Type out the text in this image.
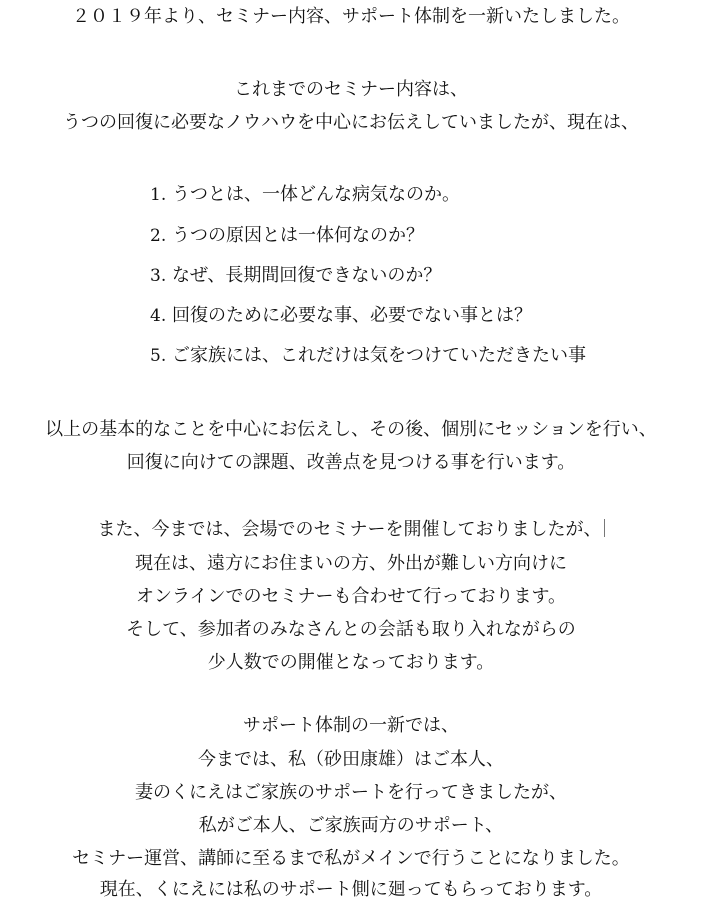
２０１９年より、セミナー内容、サポート体制を一新いたしました。
これまでのセミナー内容は、
うつの回復に必要なノウハウを中心にお伝えしていましたが、現在は、
1. うつとは、一体どんな病気なのか。
2. うつの原因とは一体何なのか？
3. なぜ、長期間回復できないのか？
4. 回復のために必要な事、必要でない事とは？
5. ご家族には、これだけは気をつけていただきたい事
以上の基本的なことを中心にお伝えし、その後、個別にセッションを行い、
回復に向けての課題、改善点を見つける事を行います。
また、今までは、会場でのセミナーを開催しておりましたが、
現在は、遠方にお住まいの方、外出が難しい方向けに
オンラインでのセミナーも合わせて行っております。
そして、参加者のみなさんとの会話も取り入れながらの
少人数での開催となっております。
サポート体制の一新では、
今までは、私（砂田康雄）はご本人、
妻のくにえはご家族のサポートを行ってきましたが、
私がご本人、ご家族両方のサポート、
セミナー運営、講師に至るまで私がメインで行うことになりました。
現在、くにえには私のサポート側に廻ってもらっております。
